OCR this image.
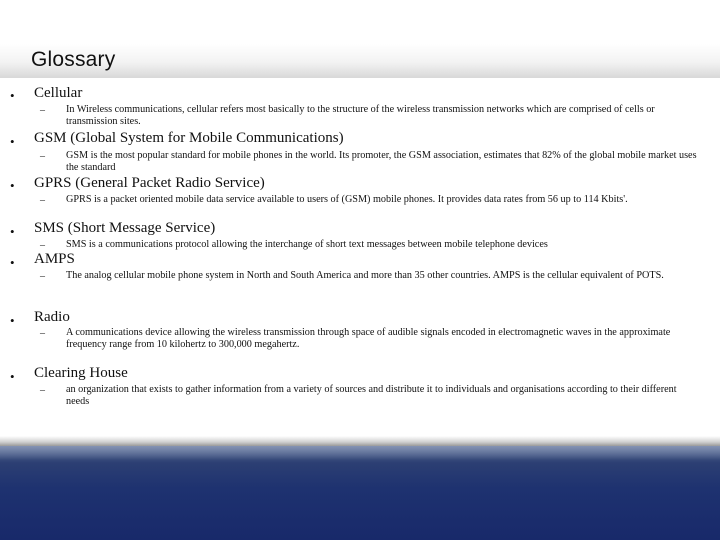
Glossary
• Cellular
– In Wireless communications, cellular refers most basically to the structure of the wireless transmission networks which are comprised of cells or transmission sites.
• GSM (Global System for Mobile Communications)
– GSM is the most popular standard for mobile phones in the world. Its promoter, the GSM association, estimates that 82% of the global mobile market uses the standard
• GPRS (General Packet Radio Service)
– GPRS is a packet oriented mobile data service available to users of (GSM) mobile phones. It provides data rates from 56 up to 114 Kbits'.
• SMS (Short Message Service)
– SMS is a communications protocol allowing the interchange of short text messages between mobile telephone devices
• AMPS
– The analog cellular mobile phone system in North and South America and more than 35 other countries. AMPS is the cellular equivalent of POTS.
• Radio
– A communications device allowing the wireless transmission through space of audible signals encoded in electromagnetic waves in the approximate frequency range from 10 kilohertz to 300,000 megahertz.
• Clearing House
– an organization that exists to gather information from a variety of sources and distribute it to individuals and organisations according to their different needs
